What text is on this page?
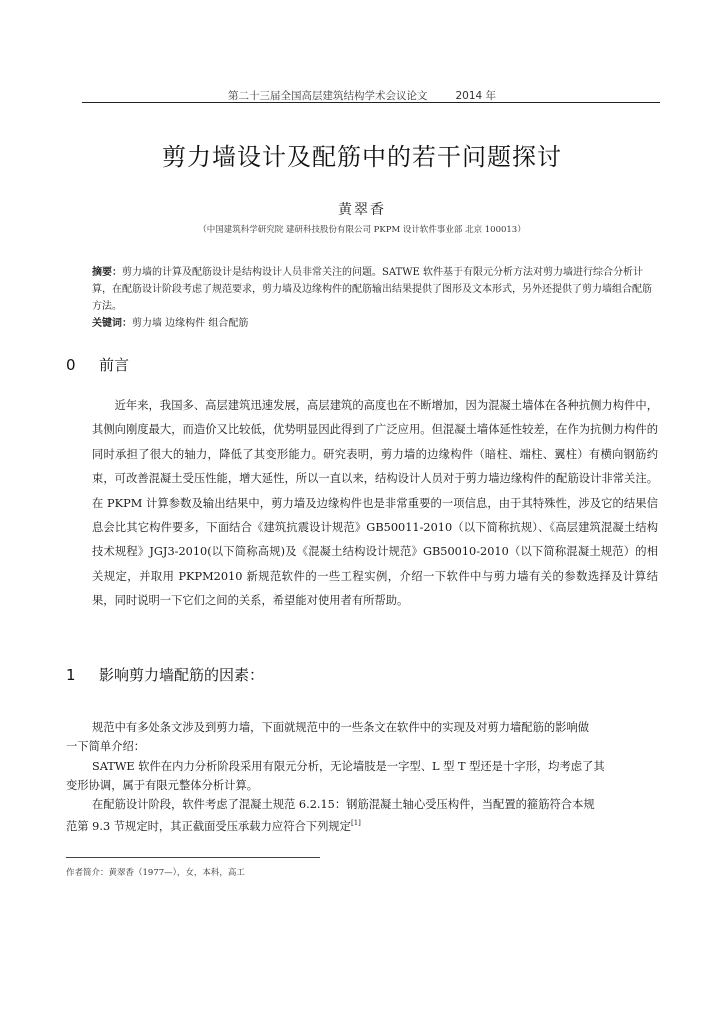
第二十三届全国高层建筑结构学术会议论文	2014 年
剪力墙设计及配筋中的若干问题探讨
黄翠香
（中国建筑科学研究院 建研科技股份有限公司 PKPM 设计软件事业部 北京 100013）
摘要：剪力墙的计算及配筋设计是结构设计人员非常关注的问题。SATWE 软件基于有限元分析方法对剪力墙进行综合分析计算，在配筋设计阶段考虑了规范要求，剪力墙及边缘构件的配筋输出结果提供了图形及文本形式，另外还提供了剪力墙组合配筋方法。
关键词：剪力墙 边缘构件 组合配筋
0 前言
近年来，我国多、高层建筑迅速发展，高层建筑的高度也在不断增加，因为混凝土墙体在各种抗侧力构件中，其侧向刚度最大，而造价又比较低，优势明显因此得到了广泛应用。但混凝土墙体延性较差，在作为抗侧力构件的同时承担了很大的轴力，降低了其变形能力。研究表明，剪力墙的边缘构件（暗柱、端柱、翼柱）有横向钢筋约束，可改善混凝土受压性能，增大延性，所以一直以来，结构设计人员对于剪力墙边缘构件的配筋设计非常关注。在 PKPM 计算参数及输出结果中，剪力墙及边缘构件也是非常重要的一项信息，由于其特殊性，涉及它的结果信息会比其它构件要多，下面结合《建筑抗震设计规范》GB50011-2010（以下简称抗规）、《高层建筑混凝土结构技术规程》JGJ3-2010(以下简称高规)及《混凝土结构设计规范》GB50010-2010（以下简称混凝土规范）的相关规定，并取用 PKPM2010 新规范软件的一些工程实例，介绍一下软件中与剪力墙有关的参数选择及计算结果，同时说明一下它们之间的关系，希望能对使用者有所帮助。
1 影响剪力墙配筋的因素：

规范中有多处条文涉及到剪力墙，下面就规范中的一些条文在软件中的实现及对剪力墙配筋的影响做
一下简单介绍：

SATWE 软件在内力分析阶段采用有限元分析，无论墙肢是一字型、L 型 T 型还是十字形，均考虑了其
变形协调，属于有限元整体分析计算。

在配筋设计阶段，软件考虑了混凝土规范 6.2.15：钢筋混凝土轴心受压构件，当配置的箍筋符合本规
范第 9.3 节规定时，其正截面受压承载力应符合下列规定[1]

作者简介：黄翠香（1977—），女，本科，高工
